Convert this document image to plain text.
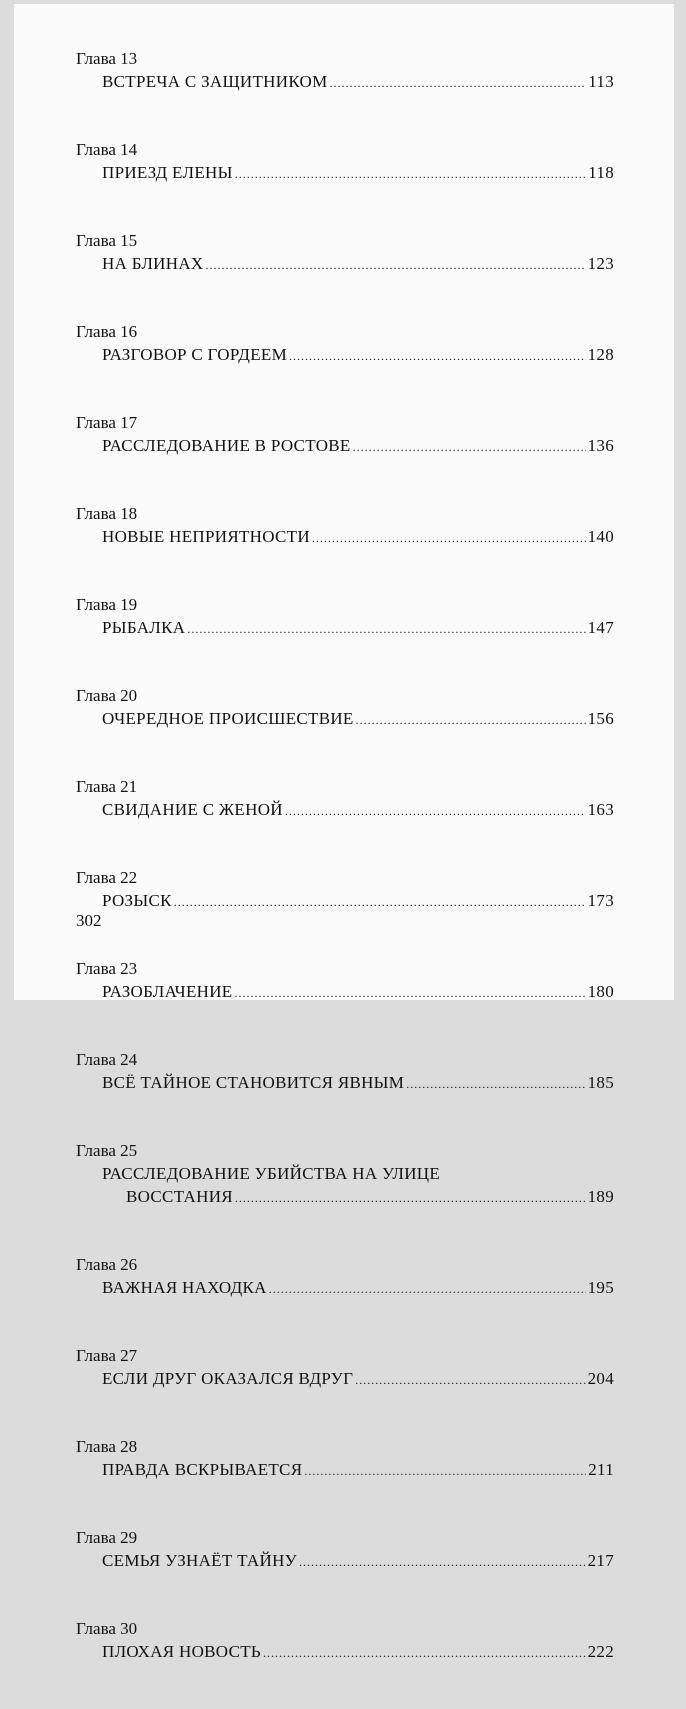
Глава 13
ВСТРЕЧА С ЗАЩИТНИКОМ .....	113
Глава 14
ПРИЕЗД ЕЛЕНЫ .....	118
Глава 15
НА БЛИНАХ .....	123
Глава 16
РАЗГОВОР С ГОРДЕЕМ .....	128
Глава 17
РАССЛЕДОВАНИЕ В РОСТОВЕ .....	136
Глава 18
НОВЫЕ НЕПРИЯТНОСТИ .....	140
Глава 19
РЫБАЛКА .....	147
Глава 20
ОЧЕРЕДНОЕ ПРОИСШЕСТВИЕ .....	156
Глава 21
СВИДАНИЕ С ЖЕНОЙ .....	163
Глава 22
РОЗЫСК .....	173
Глава 23
РАЗОБЛАЧЕНИЕ .....	180
Глава 24
ВСЁ ТАЙНОЕ СТАНОВИТСЯ ЯВНЫМ .....	185
Глава 25
РАССЛЕДОВАНИЕ УБИЙСТВА НА УЛИЦЕ
ВОССТАНИЯ .....	189
Глава 26
ВАЖНАЯ НАХОДКА .....	195
Глава 27
ЕСЛИ ДРУГ ОКАЗАЛСЯ ВДРУГ .....	204
Глава 28
ПРАВДА ВСКРЫВАЕТСЯ .....	211
Глава 29
СЕМЬЯ УЗНАЁТ ТАЙНУ .....	217
Глава 30
ПЛОХАЯ НОВОСТЬ .....	222
302
